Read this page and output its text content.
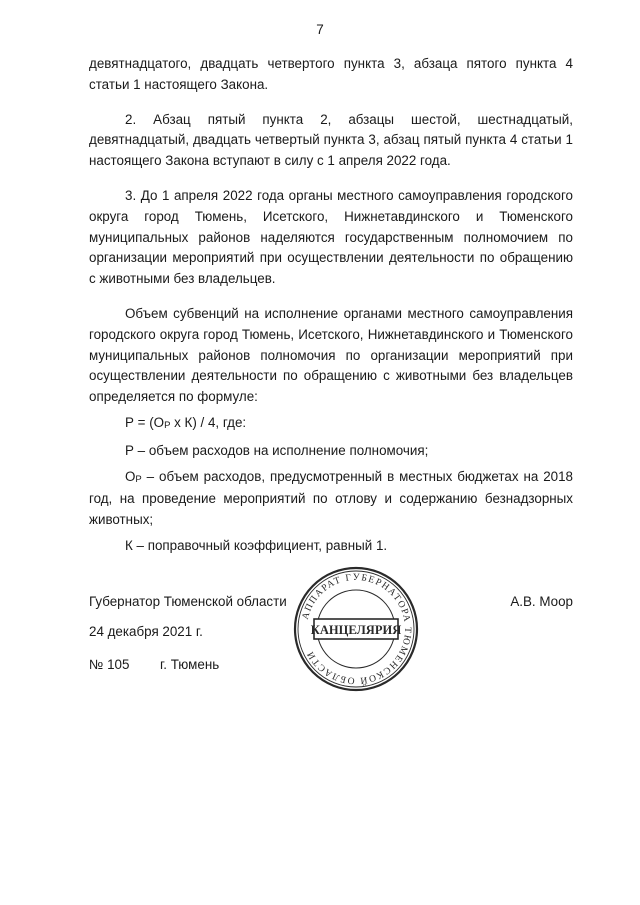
7

девятнадцатого, двадцать четвертого пункта 3, абзаца пятого пункта 4 статьи 1 настоящего Закона.

2. Абзац пятый пункта 2, абзацы шестой, шестнадцатый, девятнадцатый, двадцать четвертый пункта 3, абзац пятый пункта 4 статьи 1 настоящего Закона вступают в силу с 1 апреля 2022 года.

3. До 1 апреля 2022 года органы местного самоуправления городского округа город Тюмень, Исетского, Нижнетавдинского и Тюменского муниципальных районов наделяются государственным полномочием по организации мероприятий при осуществлении деятельности по обращению с животными без владельцев.

Объем субвенций на исполнение органами местного самоуправления городского округа город Тюмень, Исетского, Нижнетавдинского и Тюменского муниципальных районов полномочия по организации мероприятий при осуществлении деятельности по обращению с животными без владельцев определяется по формуле:

$Р = (О_Р$ х К) / 4, где:

Р – объем расходов на исполнение полномочия;

$О_Р$ – объем расходов, предусмотренный в местных бюджетах на 2018 год, на проведение мероприятий по отлову и содержанию безнадзорных животных;

К – поправочный коэффициент, равный 1.

Губернатор Тюменской области	А.В. Моор
24 декабря 2021 г.
№ 105 г. Тюмень
АППАРАТ ГУБЕРНАТОРА ТЮМЕНСКОЙ ОБЛАСТИ
КАНЦЕЛЯРИЯ
